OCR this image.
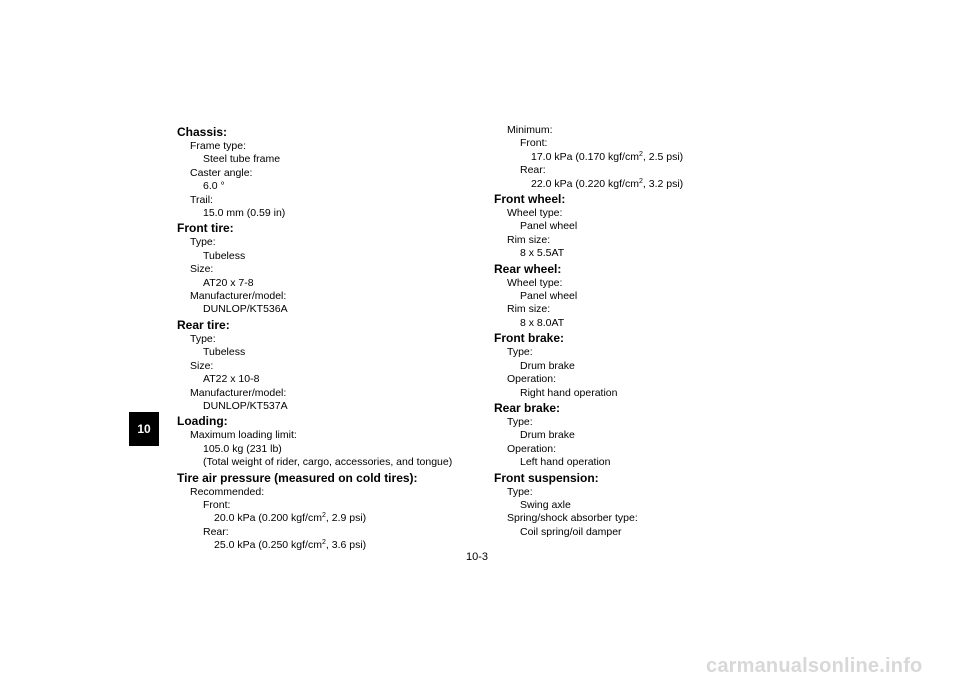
10
Chassis:
Frame type:
Steel tube frame
Caster angle:
6.0 °
Trail:
15.0 mm (0.59 in)
Front tire:
Type:
Tubeless
Size:
AT20 x 7-8
Manufacturer/model:
DUNLOP/KT536A
Rear tire:
Type:
Tubeless
Size:
AT22 x 10-8
Manufacturer/model:
DUNLOP/KT537A
Loading:
Maximum loading limit:
105.0 kg (231 lb)
(Total weight of rider, cargo, accessories, and tongue)
Tire air pressure (measured on cold tires):
Recommended:
Front:
20.0 kPa (0.200 kgf/$cm^2$, 2.9 psi)
Rear:
25.0 kPa (0.250 kgf/$cm^2$, 3.6 psi)
Minimum:
Front:
17.0 kPa (0.170 kgf/$cm^2$, 2.5 psi)
Rear:
22.0 kPa (0.220 kgf/$cm^2$, 3.2 psi)
Front wheel:
Wheel type:
Panel wheel
Rim size:
8 x 5.5AT
Rear wheel:
Wheel type:
Panel wheel
Rim size:
8 x 8.0AT
Front brake:
Type:
Drum brake
Operation:
Right hand operation
Rear brake:
Type:
Drum brake
Operation:
Left hand operation
Front suspension:
Type:
Swing axle
Spring/shock absorber type:
Coil spring/oil damper
10-3
carmanualsonline.info
